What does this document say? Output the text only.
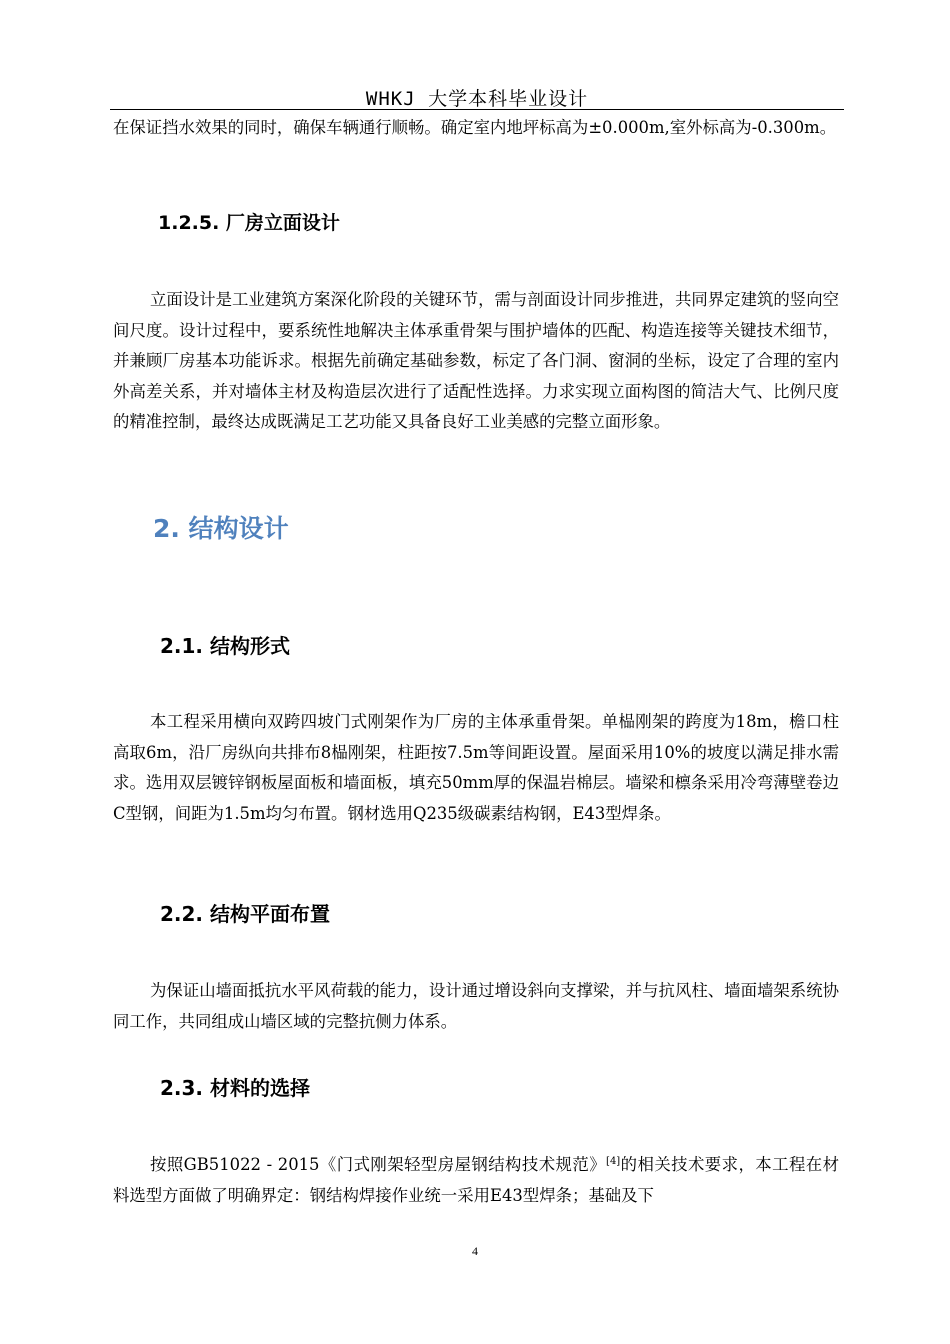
WHKJ 大学本科毕业设计
在保证挡水效果的同时，确保车辆通行顺畅。确定室内地坪标高为±0.000m,室外标高为-0.300m。
1.2.5. 厂房立面设计
立面设计是工业建筑方案深化阶段的关键环节，需与剖面设计同步推进，共同界定建筑的竖向空间尺度。设计过程中，要系统性地解决主体承重骨架与围护墙体的匹配、构造连接等关键技术细节，并兼顾厂房基本功能诉求。根据先前确定基础参数，标定了各门洞、窗洞的坐标，设定了合理的室内外高差关系，并对墙体主材及构造层次进行了适配性选择。力求实现立面构图的简洁大气、比例尺度的精准控制，最终达成既满足工艺功能又具备良好工业美感的完整立面形象。
2. 结构设计
2.1. 结构形式
本工程采用横向双跨四坡门式刚架作为厂房的主体承重骨架。单榀刚架的跨度为18m，檐口柱高取6m，沿厂房纵向共排布8榀刚架，柱距按7.5m等间距设置。屋面采用10%的坡度以满足排水需求。选用双层镀锌钢板屋面板和墙面板，填充50mm厚的保温岩棉层。墙梁和檩条采用冷弯薄壁卷边C型钢，间距为1.5m均匀布置。钢材选用Q235级碳素结构钢，E43型焊条。
2.2. 结构平面布置
为保证山墙面抵抗水平风荷载的能力，设计通过增设斜向支撑梁，并与抗风柱、墙面墙架系统协同工作，共同组成山墙区域的完整抗侧力体系。
2.3. 材料的选择
按照GB51022 - 2015《门式刚架轻型房屋钢结构技术规范》[4]的相关技术要求，本工程在材料选型方面做了明确界定：钢结构焊接作业统一采用E43型焊条；基础及下
4
